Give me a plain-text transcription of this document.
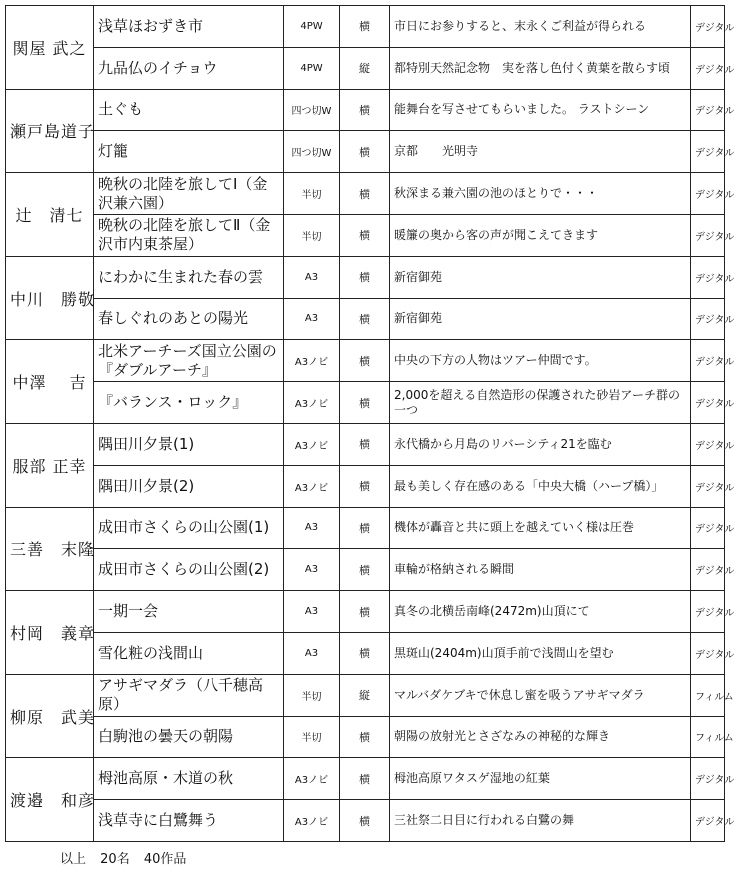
関屋 武之	浅草ほおずき市	4PW	横	市日にお参りすると、末永くご利益が得られる	デジタル
	九品仏のイチョウ	4PW	縦	都特別天然記念物　実を落し色付く黄葉を散らす頃	デジタル
瀬戸島道子	土ぐも	四つ切W	横	能舞台を写させてもらいました。 ラストシーン	デジタル
	灯籠	四つ切W	横	京都　　光明寺	デジタル
辻　清七	晩秋の北陸を旅してⅠ（金沢兼六園）	半切	横	秋深まる兼六園の池のほとりで・・・	デジタル
	晩秋の北陸を旅してⅡ（金沢市内東茶屋）	半切	横	暖簾の奥から客の声が聞こえてきます	デジタル
中川　勝敬	にわかに生まれた春の雲	A3	横	新宿御苑	デジタル
	春しぐれのあとの陽光	A3	横	新宿御苑	デジタル
中澤　 吉	北米アーチーズ国立公園の『ダブルアーチ』	A3ノビ	横	中央の下方の人物はツアー仲間です。	デジタル
	『バランス・ロック』	A3ノビ	横	2,000を超える自然造形の保護された砂岩アーチ群の一つ	デジタル
服部 正幸	隅田川夕景(1)	A3ノビ	横	永代橋から月島のリバーシティ21を臨む	デジタル
	隅田川夕景(2)	A3ノビ	横	最も美しく存在感のある「中央大橋（ハープ橋）」	デジタル
三善　末隆	成田市さくらの山公園(1)	A3	横	機体が轟音と共に頭上を越えていく様は圧巻	デジタル
	成田市さくらの山公園(2)	A3	横	車輪が格納される瞬間	デジタル
村岡　義章	一期一会	A3	横	真冬の北横岳南峰(2472m)山頂にて	デジタル
	雪化粧の浅間山	A3	横	黒斑山(2404m)山頂手前で浅間山を望む	デジタル
柳原　武美	アサギマダラ（八千穂高原）	半切	縦	マルバダケブキで休息し蜜を吸うアサギマダラ	フィルム
	白駒池の曇天の朝陽	半切	横	朝陽の放射光とさざなみの神秘的な輝き	フィルム
渡邉　和彦	栂池高原・木道の秋	A3ノビ	横	栂池高原ワタスゲ湿地の紅葉	デジタル
	浅草寺に白鷺舞う	A3ノビ	横	三社祭二日目に行われる白鷺の舞	デジタル
以上 20名 40作品
